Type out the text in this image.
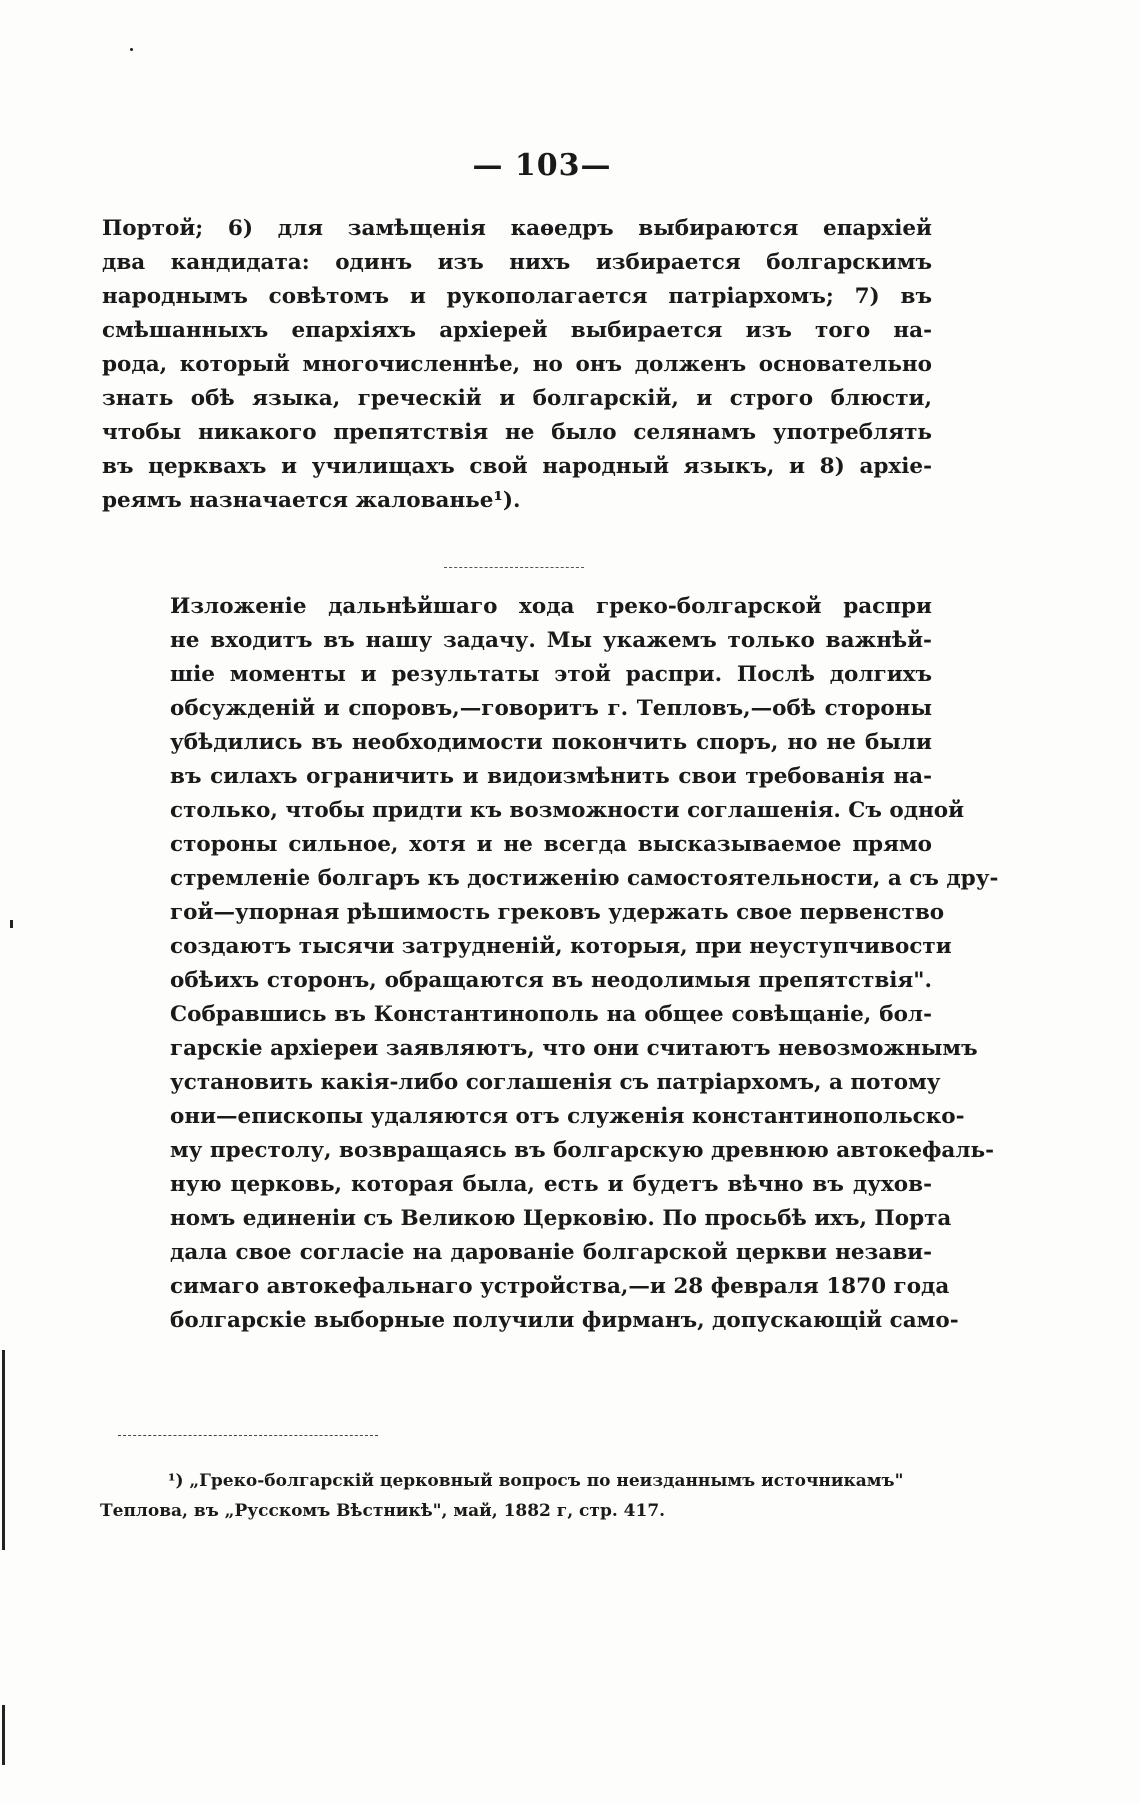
— 103—
Портой; 6) для замѣщенія каѳедръ выбираются епархіей
два кандидата: одинъ изъ нихъ избирается болгарскимъ
народнымъ совѣтомъ и рукополагается патріархомъ; 7) въ
смѣшанныхъ епархіяхъ архіерей выбирается изъ того на-
рода, который многочисленнѣе, но онъ долженъ основательно
знать обѣ языка, греческій и болгарскій, и строго блюсти,
чтобы никакого препятствія не было селянамъ употреблять
въ церквахъ и училищахъ свой народный языкъ, и 8) архіе-
реямъ назначается жалованье¹).
Изложеніе дальнѣйшаго хода греко-болгарской распри
не входитъ въ нашу задачу. Мы укажемъ только важнѣй-
шіе моменты и результаты этой распри. Послѣ долгихъ
обсужденій и споровъ,—говоритъ г. Тепловъ,—обѣ стороны
убѣдились въ необходимости покончить споръ, но не были
въ силахъ ограничить и видоизмѣнить свои требованія на-
столько, чтобы придти къ возможности соглашенія. Съ одной
стороны сильное, хотя и не всегда высказываемое прямо
стремленіе болгаръ къ достиженію самостоятельности, а съ дру-
гой—упорная рѣшимость грековъ удержать свое первенство
создаютъ тысячи затрудненій, которыя, при неуступчивости
обѣихъ сторонъ, обращаются въ неодолимыя препятствія".
Собравшись въ Константинополь на общее совѣщаніе, бол-
гарскіе архіереи заявляютъ, что они считаютъ невозможнымъ
установить какія-либо соглашенія съ патріархомъ, а потому
они—епископы удаляются отъ служенія константинопольско-
му престолу, возвращаясь въ болгарскую древнюю автокефаль-
ную церковь, которая была, есть и будетъ вѣчно въ духов-
номъ единеніи съ Великою Церковію. По просьбѣ ихъ, Порта
дала свое согласіе на дарованіе болгарской церкви незави-
симаго автокефальнаго устройства,—и 28 февраля 1870 года
болгарскіе выборные получили фирманъ, допускающій само-
¹) „Греко-болгарскій церковный вопросъ по неизданнымъ источникамъ"
Теплова, въ „Русскомъ Вѣстникѣ", май, 1882 г, стр. 417.
